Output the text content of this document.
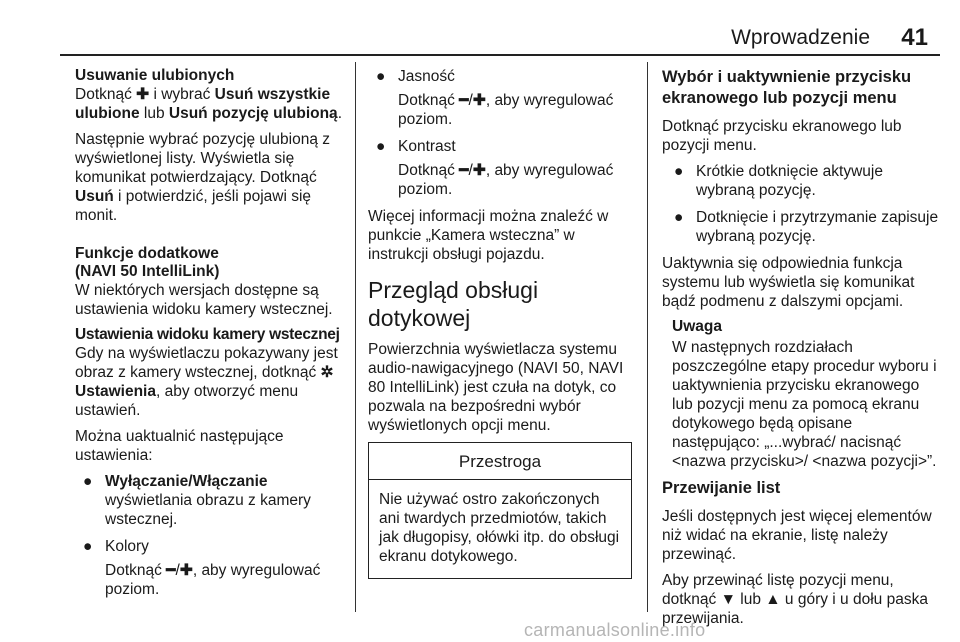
Wprowadzenie 41
Usuwanie ulubionych

Dotknąć ✚ i wybrać Usuń wszystkie ulubione lub Usuń pozycję ulubioną.

Następnie wybrać pozycję ulubioną z wyświetlonej listy. Wyświetla się komunikat potwierdzający. Dotknąć Usuń i potwierdzić, jeśli pojawi się monit.

Funkcje dodatkowe
(NAVI 50 IntelliLink)

W niektórych wersjach dostępne są ustawienia widoku kamery wstecznej.

Ustawienia widoku kamery wstecznej

Gdy na wyświetlaczu pokazywany jest obraz z kamery wstecznej, dotknąć ✲Ustawienia, aby otworzyć menu ustawień.

Można uaktualnić następujące ustawienia:

● Wyłączanie/Włączanie wyświetlania obrazu z kamery wstecznej.
● Kolory
Dotknąć ━/✚, aby wyregulować poziom.
● Jasność
Dotknąć ━/✚, aby wyregulować poziom.
● Kontrast
Dotknąć ━/✚, aby wyregulować poziom.

Więcej informacji można znaleźć w punkcie „Kamera wsteczna” w instrukcji obsługi pojazdu.

Przegląd obsługi dotykowej

Powierzchnia wyświetlacza systemu audio-nawigacyjnego (NAVI 50, NAVI 80 IntelliLink) jest czuła na dotyk, co pozwala na bezpośredni wybór wyświetlonych opcji menu.

Przestroga
Nie używać ostro zakończonych ani twardych przedmiotów, takich jak długopisy, ołówki itp. do obsługi ekranu dotykowego.
Wybór i uaktywnienie przycisku ekranowego lub pozycji menu

Dotknąć przycisku ekranowego lub pozycji menu.

● Krótkie dotknięcie aktywuje wybraną pozycję.
● Dotknięcie i przytrzymanie zapisuje wybraną pozycję.

Uaktywnia się odpowiednia funkcja systemu lub wyświetla się komunikat bądź podmenu z dalszymi opcjami.

Uwaga

W następnych rozdziałach poszczególne etapy procedur wyboru i uaktywnienia przycisku ekranowego lub pozycji menu za pomocą ekranu dotykowego będą opisane następująco: „...wybrać/ nacisnąć <nazwa przycisku>/ <nazwa pozycji>”.

Przewijanie list

Jeśli dostępnych jest więcej elementów niż widać na ekranie, listę należy przewinąć.

Aby przewinąć listę pozycji menu, dotknąć ▼ lub ▲ u góry i u dołu paska przewijania.

carmanualsonline.info
